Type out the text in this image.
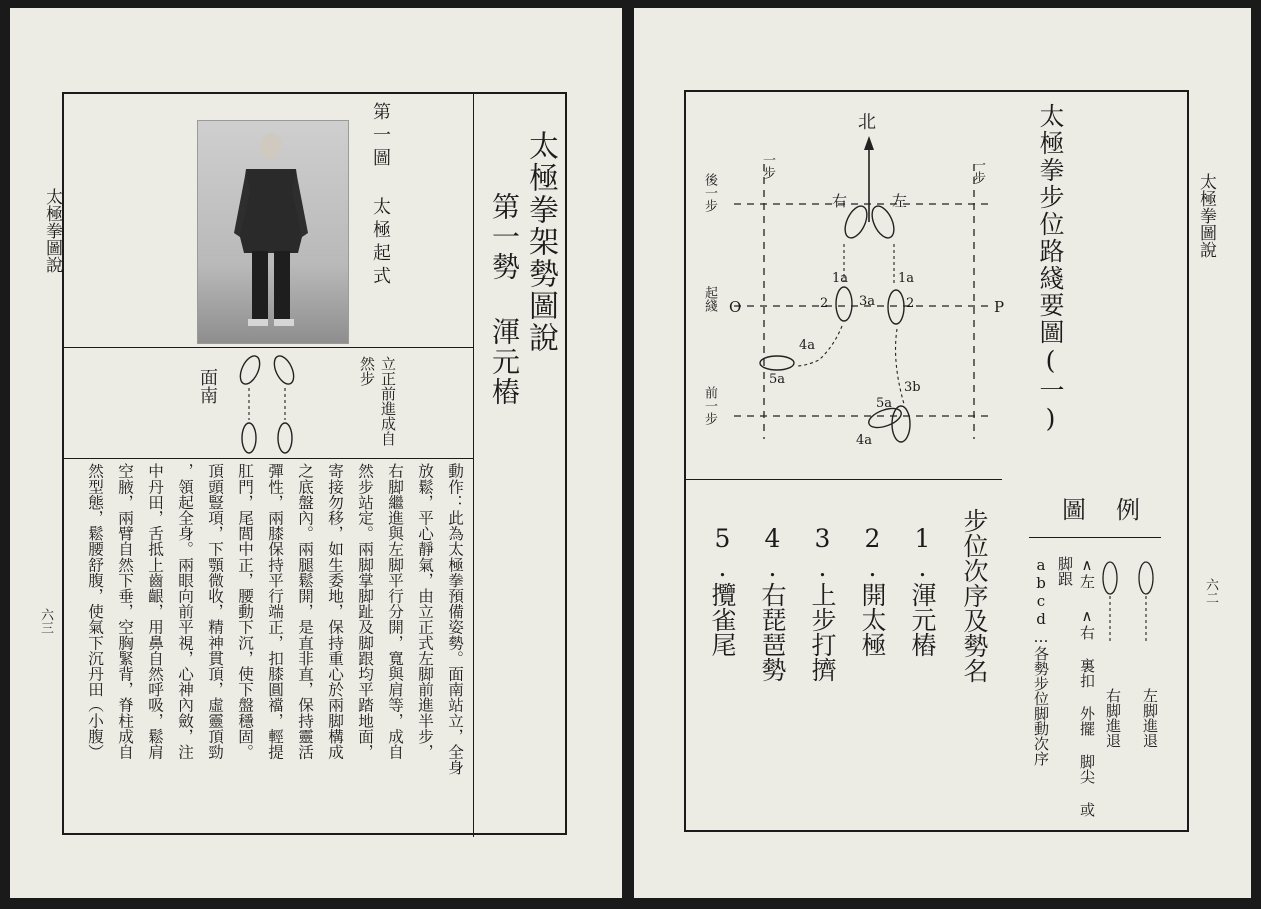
太極拳圖說
六三
太極拳架勢圖說
第一勢 渾元樁
第一圖 太極起式
立正前進成自然步
面南
動作：此為太極拳預備姿勢。面南站立，全身
放鬆，平心靜氣，由立正式左脚前進半步，
右脚繼進與左脚平行分開，寬與肩等，成自
然步站定。兩脚掌脚趾及脚跟均平踏地面，
寄接勿移，如生委地，保持重心於兩脚構成
之底盤內。兩腿鬆開，是直非直，保持靈活
彈性，兩膝保持平行端正，扣膝圓襠，輕提
肛門，尾閭中正，腰動下沉，使下盤穩固。
頂頭豎項，下顎微收，精神貫頂，虛靈頂勁
，領起全身。兩眼向前平視，心神內斂，注
中丹田，舌抵上齒齦，用鼻自然呼吸，鬆肩
空腋，兩臂自然下垂，空胸緊背，脊柱成自
然型態，鬆腰舒腹，使氣下沉丹田（小腹）
太極拳圖說
六二
北
一步	一步
後一步
起綫
前一步
右	左
O	P
1a	1a
2 3a 2
4a
5a
5a
3b
4a
太極拳步位路綫要圖(一)
圖例
左脚進退
右脚進退
∧左 ∧右 裏扣 外擺 脚尖 或脚跟
abcd…各勢步位脚動次序
步位次序及勢名
1.渾元樁
2.開太極
3.上步打擠
4.右琵琶勢
5.攬雀尾
